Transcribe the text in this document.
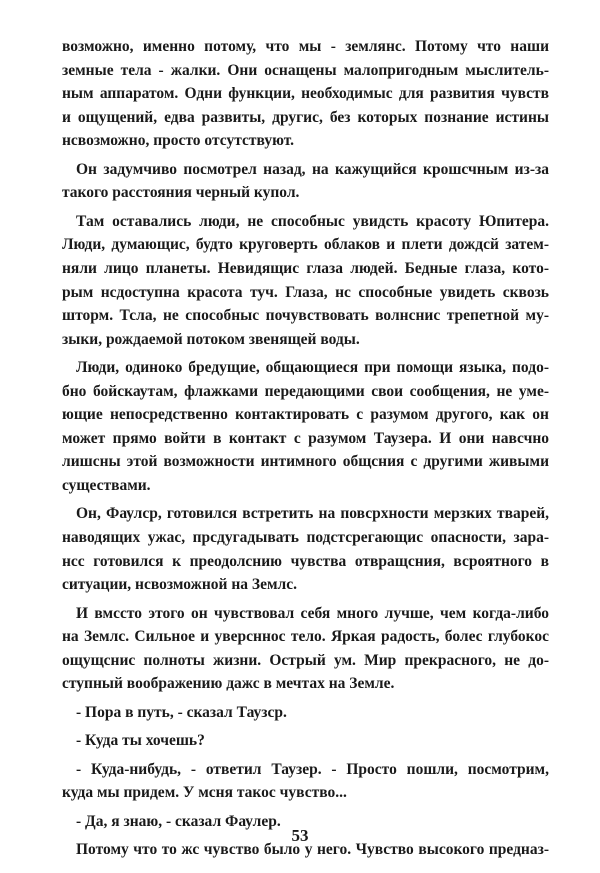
возможно, именно потому, что мы - землянс. Потому что наши
земные тела - жалки. Они оснащены малопригодным мыслитель-
ным аппаратом. Одни функции, необходимыс для развития чувств
и ощущений, едва развиты, другис, без которых познание истины
нсвозможно, просто отсутствуют.
Он задумчиво посмотрел назад, на кажущийся крошсчным из-за
такого расстояния черный купол.
Там оставались люди, не способныс увидсть красоту Юпитера.
Люди, думающис, будто круговерть облаков и плети дождсй затем-
няли лицо планеты. Невидящис глаза людей. Бедные глаза, кото-
рым нсдоступна красота туч. Глаза, нс способные увидеть сквозь
шторм. Тсла, не способныс почувствовать волнснис трепетной му-
зыки, рождаемой потоком звенящей воды.
Люди, одиноко бредущие, общающиеся при помощи языка, подо-
бно бойскаутам, флажками передающими свои сообщения, не уме-
ющие непосредственно контактировать с разумом другого, как он
может прямо войти в контакт с разумом Таузера. И они навсчно
лишсны этой возможности интимного общсния с другими живыми
существами.
Он, Фаулср, готовился встретить на повсрхности мерзких тварей,
наводящих ужас, прсдугадывать подстсрегающис опасности, зара-
нсс готовился к преодолснию чувства отвращсния, всроятного в
ситуации, нсвозможной на Землс.
И вмссто этого он чувствовал себя много лучше, чем когда-либо
на Землс. Сильное и уверсннос тело. Яркая радость, болес глубокос
ощущснис полноты жизни. Острый ум. Мир прекрасного, не до-
ступный воображению дажс в мечтах на Земле.
- Пора в путь, - сказал Таузср.
- Куда ты хочешь?
- Куда-нибудь, - ответил Таузер. - Просто пошли, посмотрим,
куда мы придем. У мсня такос чувство...
- Да, я знаю, - сказал Фаулер.
Потому что то жс чувство было у него. Чувство высокого предназ-
53
